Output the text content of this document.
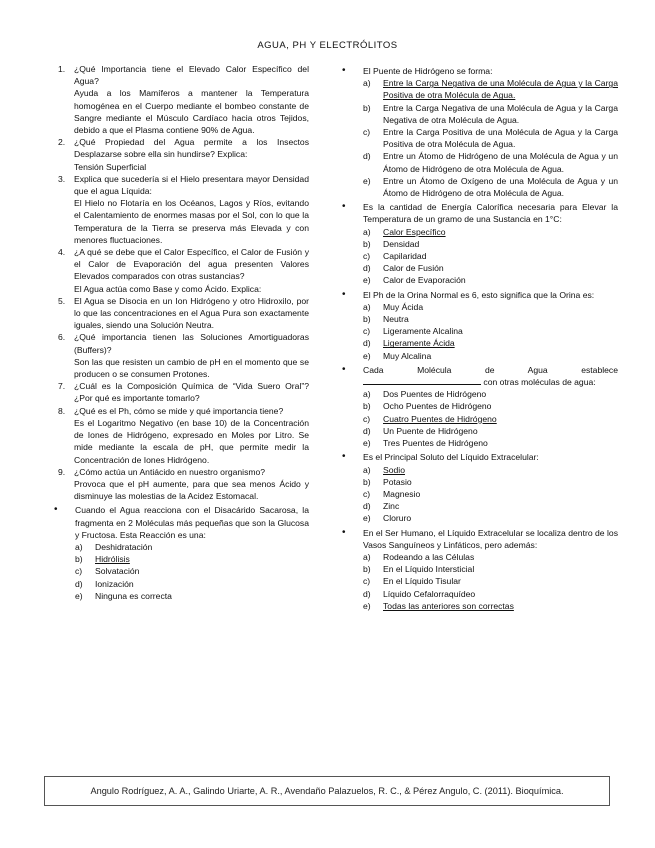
AGUA, PH Y ELECTRÓLITOS
1.	¿Qué Importancia tiene el Elevado Calor Específico del Agua?
Ayuda a los Mamíferos a mantener la Temperatura homogénea en el Cuerpo mediante el bombeo constante de Sangre mediante el Músculo Cardíaco hacia otros Tejidos, debido a que el Plasma contiene 90% de Agua.
2.	¿Qué Propiedad del Agua permite a los Insectos Desplazarse sobre ella sin hundirse? Explica:
Tensión Superficial
3.	Explica que sucedería si el Hielo presentara mayor Densidad que el agua Líquida:
El Hielo no Flotaría en los Océanos, Lagos y Ríos, evitando el Calentamiento de enormes masas por el Sol, con lo que la Temperatura de la Tierra se preserva más Elevada y con menores fluctuaciones.
4.	¿A qué se debe que el Calor Específico, el Calor de Fusión y el Calor de Evaporación del agua presenten Valores Elevados comparados con otras sustancias?
El Agua actúa como Base y como Ácido. Explica:
5.	El Agua se Disocia en un Ion Hidrógeno y otro Hidroxilo, por lo que las concentraciones en el Agua Pura son exactamente iguales, siendo una Solución Neutra.
6.	¿Qué importancia tienen las Soluciones Amortiguadoras (Buffers)?
Son las que resisten un cambio de pH en el momento que se producen o se consumen Protones.
7.	¿Cuál es la Composición Química de “Vida Suero Oral”? ¿Por qué es importante tomarlo?
8.	¿Qué es el Ph, cómo se mide y qué importancia tiene?
Es el Logaritmo Negativo (en base 10) de la Concentración de Iones de Hidrógeno, expresado en Moles por Litro. Se mide mediante la escala de pH, que permite medir la Concentración de Iones Hidrógeno.
9.	¿Cómo actúa un Antiácido en nuestro organismo?
Provoca que el pH aumente, para que sea menos Ácido y disminuye las molestias de la Acidez Estomacal.
•	Cuando el Agua reacciona con el Disacárido Sacarosa, la fragmenta en 2 Moléculas más pequeñas que son la Glucosa y Fructosa. Esta Reacción es una:
a)	Deshidratación
b)	Hidrólisis
c)	Solvatación
d)	Ionización
e)	Ninguna es correcta
•	El Puente de Hidrógeno se forma:
a)	Entre la Carga Negativa de una Molécula de Agua y la Carga Positiva de otra Molécula de Agua.
b)	Entre la Carga Negativa de una Molécula de Agua y la Carga Negativa de otra Molécula de Agua.
c)	Entre la Carga Positiva de una Molécula de Agua y la Carga Positiva de otra Molécula de Agua.
d)	Entre un Átomo de Hidrógeno de una Molécula de Agua y un Átomo de Hidrógeno de otra Molécula de Agua.
e)	Entre un Átomo de Oxígeno de una Molécula de Agua y un Átomo de Hidrógeno de otra Molécula de Agua.
•	Es la cantidad de Energía Calorífica necesaria para Elevar la Temperatura de un gramo de una Sustancia en 1°C:
a)	Calor Específico
b)	Densidad
c)	Capilaridad
d)	Calor de Fusión
e)	Calor de Evaporación
•	El Ph de la Orina Normal es 6, esto significa que la Orina es:
a)	Muy Ácida
b)	Neutra
c)	Ligeramente Alcalina
d)	Ligeramente Ácida
e)	Muy Alcalina
•	Cada Molécula de Agua establece
con otras moléculas de agua:
a)	Dos Puentes de Hidrógeno
b)	Ocho Puentes de Hidrógeno
c)	Cuatro Puentes de Hidrógeno
d)	Un Puente de Hidrógeno
e)	Tres Puentes de Hidrógeno
•	Es el Principal Soluto del Líquido Extracelular:
a)	Sodio
b)	Potasio
c)	Magnesio
d)	Zinc
e)	Cloruro
•	En el Ser Humano, el Líquido Extracelular se localiza dentro de los Vasos Sanguíneos y Linfáticos, pero además:
a)	Rodeando a las Células
b)	En el Líquido Intersticial
c)	En el Líquido Tisular
d)	Líquido Cefalorraquídeo
e)	Todas las anteriores son correctas
Angulo Rodríguez, A. A., Galindo Uriarte, A. R., Avendaño Palazuelos, R. C., & Pérez Angulo, C. (2011). Bioquímica.
